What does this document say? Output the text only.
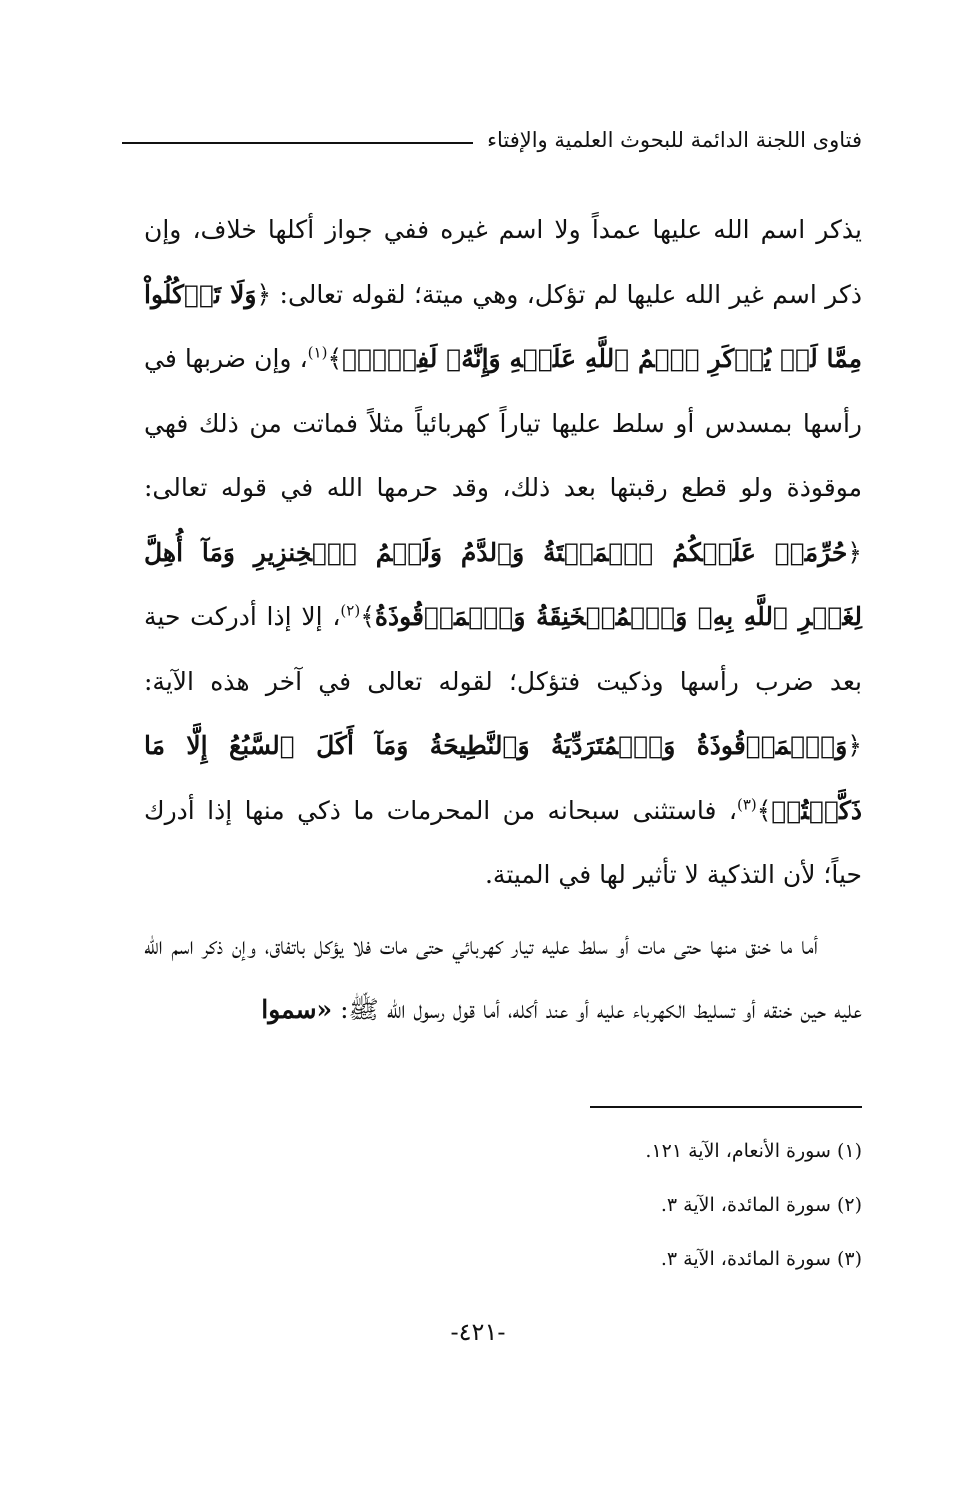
فتاوى اللجنة الدائمة للبحوث العلمية والإفتاء

يذكر اسم الله عليها عمداً ولا اسم غيره ففي جواز أكلها خلاف، وإن ذكر اسم غير الله عليها لم تؤكل، وهي ميتة؛ لقوله تعالى: ﴿وَلَا تَأۡكُلُواْ مِمَّا لَمۡ يُذۡكَرِ ٱسۡمُ ٱللَّهِ عَلَيۡهِ وَإِنَّهُۥ لَفِسۡقٌۗ﴾$^{(١)}$، وإن ضربها في رأسها بمسدس أو سلط عليها تياراً كهربائياً مثلاً فماتت من ذلك فهي موقوذة ولو قطع رقبتها بعد ذلك، وقد حرمها الله في قوله تعالى: ﴿حُرِّمَتۡ عَلَيۡكُمُ ٱلۡمَيۡتَةُ وَٱلدَّمُ وَلَحۡمُ ٱلۡخِنزِيرِ وَمَآ أُهِلَّ لِغَيۡرِ ٱللَّهِ بِهِۦ وَٱلۡمُنۡخَنِقَةُ وَٱلۡمَوۡقُوذَةُ﴾$^{(٢)}$، إلا إذا أدركت حية بعد ضرب رأسها وذكيت فتؤكل؛ لقوله تعالى في آخر هذه الآية: ﴿وَٱلۡمَوۡقُوذَةُ وَٱلۡمُتَرَدِّيَةُ وَٱلنَّطِيحَةُ وَمَآ أَكَلَ ٱلسَّبُعُ إِلَّا مَا ذَكَّيۡتُمۡ﴾$^{(٣)}$، فاستثنى سبحانه من المحرمات ما ذكي منها إذا أدرك حياً؛ لأن التذكية لا تأثير لها في الميتة.

أما ما خنق منها حتى مات أو سلط عليه تيار كهربائي حتى مات فلا يؤكل باتفاق، وإن ذكر اسم الله عليه حين خنقه أو تسليط الكهرباء عليه أو عند أكله، أما قول رسول الله ﷺ: «سموا

(١) سورة الأنعام، الآية ١٢١.
(٢) سورة المائدة، الآية ٣.
(٣) سورة المائدة، الآية ٣.
-٤٢١-
